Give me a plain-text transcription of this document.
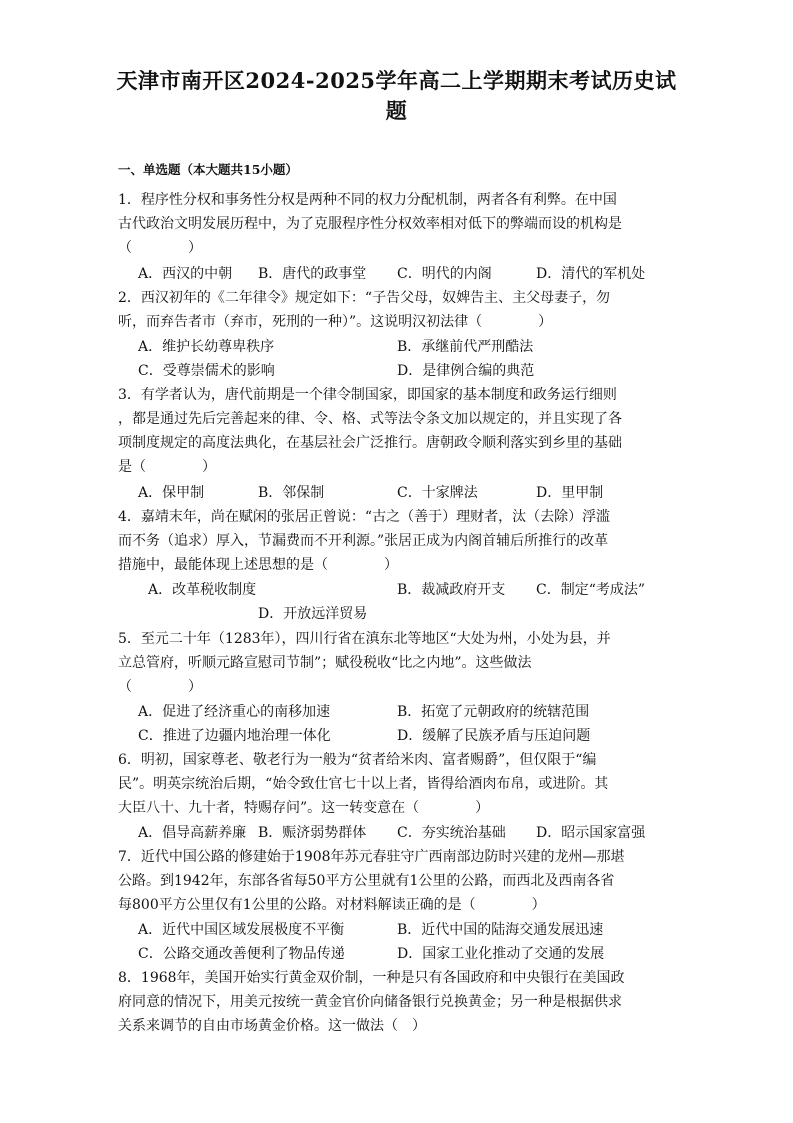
天津市南开区2024-2025学年高二上学期期末考试历史试
题
一、单选题（本大题共15小题）
1．程序性分权和事务性分权是两种不同的权力分配机制，两者各有利弊。在中国
古代政治文明发展历程中，为了克服程序性分权效率相对低下的弊端而设的机构是
（　　　　）
A．西汉的中朝 B．唐代的政事堂 C．明代的内阁	D．清代的军机处
2．西汉初年的《二年律令》规定如下：“子告父母，奴婢告主、主父母妻子，勿
听，而弃告者市（弃市，死刑的一种）”。这说明汉初法律（　　　　）
A．维护长幼尊卑秩序	B．承继前代严刑酷法
C．受尊崇儒术的影响	D．是律例合编的典范
3．有学者认为，唐代前期是一个律令制国家，即国家的基本制度和政务运行细则
，都是通过先后完善起来的律、令、格、式等法令条文加以规定的，并且实现了各
项制度规定的高度法典化，在基层社会广泛推行。唐朝政令顺利落实到乡里的基础
是（　　　　）
A．保甲制	B．邻保制	C．十家牌法	D．里甲制
4．嘉靖末年，尚在赋闲的张居正曾说：“古之（善于）理财者，汰（去除）浮滥
而不务（追求）厚入，节漏费而不开利源。”张居正成为内阁首辅后所推行的改革
措施中，最能体现上述思想的是（　　　　）
A．改革税收制度	B．裁减政府开支 C．制定“考成法”
D．开放远洋贸易
5．至元二十年（1283年），四川行省在滇东北等地区“大处为州，小处为县，并
立总管府，听顺元路宣慰司节制”；赋役税收“比之内地”。这些做法
（　　　　）
A．促进了经济重心的南移加速	B．拓宽了元朝政府的统辖范围
C．推进了边疆内地治理一体化	D．缓解了民族矛盾与压迫问题
6．明初，国家尊老、敬老行为一般为“贫者给米肉、富者赐爵”，但仅限于“编
民”。明英宗统治后期，“始令致仕官七十以上者，皆得给酒肉布帛，或进阶。其
大臣八十、九十者，特赐存问”。这一转变意在（　　　　）
A．倡导高薪养廉 B．赈济弱势群体 C．夯实统治基础 D．昭示国家富强
7．近代中国公路的修建始于1908年苏元春驻守广西南部边防时兴建的龙州—那堪
公路。到1942年，东部各省每50平方公里就有1公里的公路，而西北及西南各省
每800平方公里仅有1公里的公路。对材料解读正确的是（　　　　）
A．近代中国区域发展极度不平衡	B．近代中国的陆海交通发展迅速
C．公路交通改善便利了物品传递	D．国家工业化推动了交通的发展
8．1968年，美国开始实行黄金双价制，一种是只有各国政府和中央银行在美国政
府同意的情况下，用美元按统一黄金官价向储备银行兑换黄金；另一种是根据供求
关系来调节的自由市场黄金价格。这一做法（　）
